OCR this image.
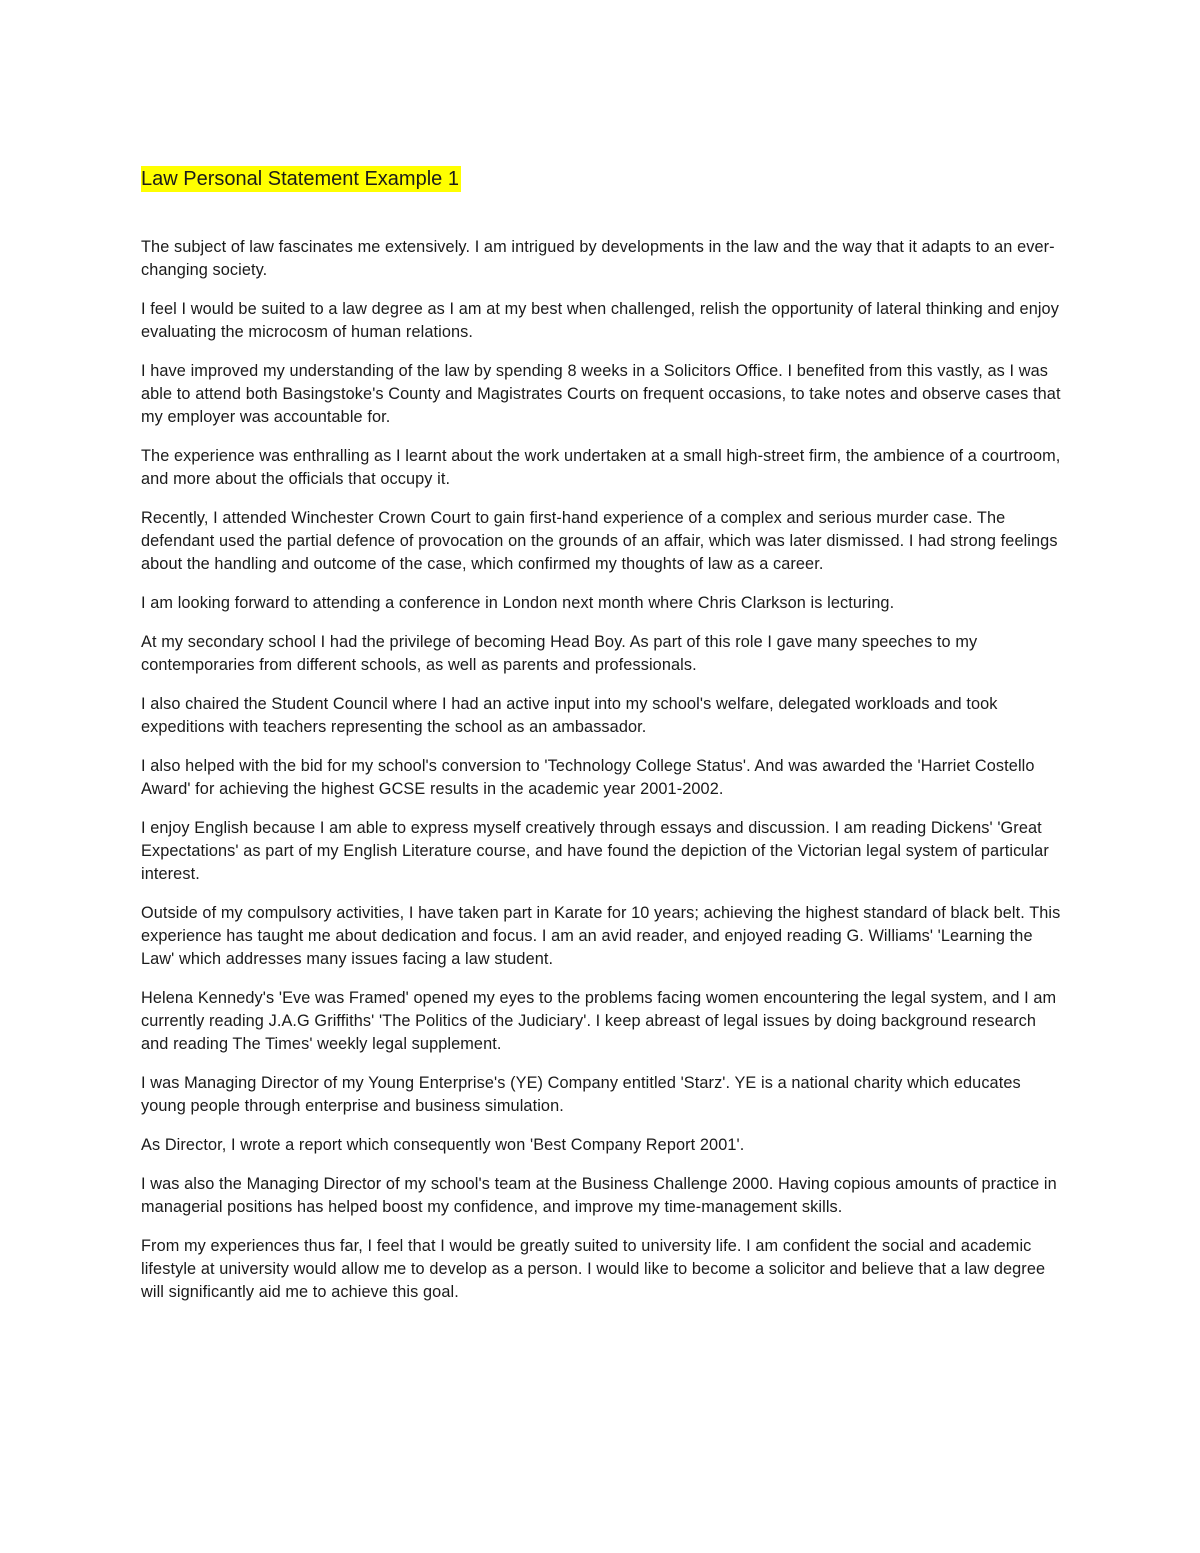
Law Personal Statement Example 1

The subject of law fascinates me extensively. I am intrigued by developments in the law and the way that it adapts to an ever-changing society.

I feel I would be suited to a law degree as I am at my best when challenged, relish the opportunity of lateral thinking and enjoy evaluating the microcosm of human relations.

I have improved my understanding of the law by spending 8 weeks in a Solicitors Office. I benefited from this vastly, as I was able to attend both Basingstoke's County and Magistrates Courts on frequent occasions, to take notes and observe cases that my employer was accountable for.

The experience was enthralling as I learnt about the work undertaken at a small high-street firm, the ambience of a courtroom, and more about the officials that occupy it.

Recently, I attended Winchester Crown Court to gain first-hand experience of a complex and serious murder case. The defendant used the partial defence of provocation on the grounds of an affair, which was later dismissed. I had strong feelings about the handling and outcome of the case, which confirmed my thoughts of law as a career.

I am looking forward to attending a conference in London next month where Chris Clarkson is lecturing.

At my secondary school I had the privilege of becoming Head Boy. As part of this role I gave many speeches to my contemporaries from different schools, as well as parents and professionals.

I also chaired the Student Council where I had an active input into my school's welfare, delegated workloads and took expeditions with teachers representing the school as an ambassador.

I also helped with the bid for my school's conversion to 'Technology College Status'. And was awarded the 'Harriet Costello Award' for achieving the highest GCSE results in the academic year 2001-2002.

I enjoy English because I am able to express myself creatively through essays and discussion. I am reading Dickens' 'Great Expectations' as part of my English Literature course, and have found the depiction of the Victorian legal system of particular interest.

Outside of my compulsory activities, I have taken part in Karate for 10 years; achieving the highest standard of black belt. This experience has taught me about dedication and focus. I am an avid reader, and enjoyed reading G. Williams' 'Learning the Law' which addresses many issues facing a law student.

Helena Kennedy's 'Eve was Framed' opened my eyes to the problems facing women encountering the legal system, and I am currently reading J.A.G Griffiths' 'The Politics of the Judiciary'. I keep abreast of legal issues by doing background research and reading The Times' weekly legal supplement.

I was Managing Director of my Young Enterprise's (YE) Company entitled 'Starz'. YE is a national charity which educates young people through enterprise and business simulation.

As Director, I wrote a report which consequently won 'Best Company Report 2001'.

I was also the Managing Director of my school's team at the Business Challenge 2000. Having copious amounts of practice in managerial positions has helped boost my confidence, and improve my time-management skills.

From my experiences thus far, I feel that I would be greatly suited to university life. I am confident the social and academic lifestyle at university would allow me to develop as a person. I would like to become a solicitor and believe that a law degree will significantly aid me to achieve this goal.
